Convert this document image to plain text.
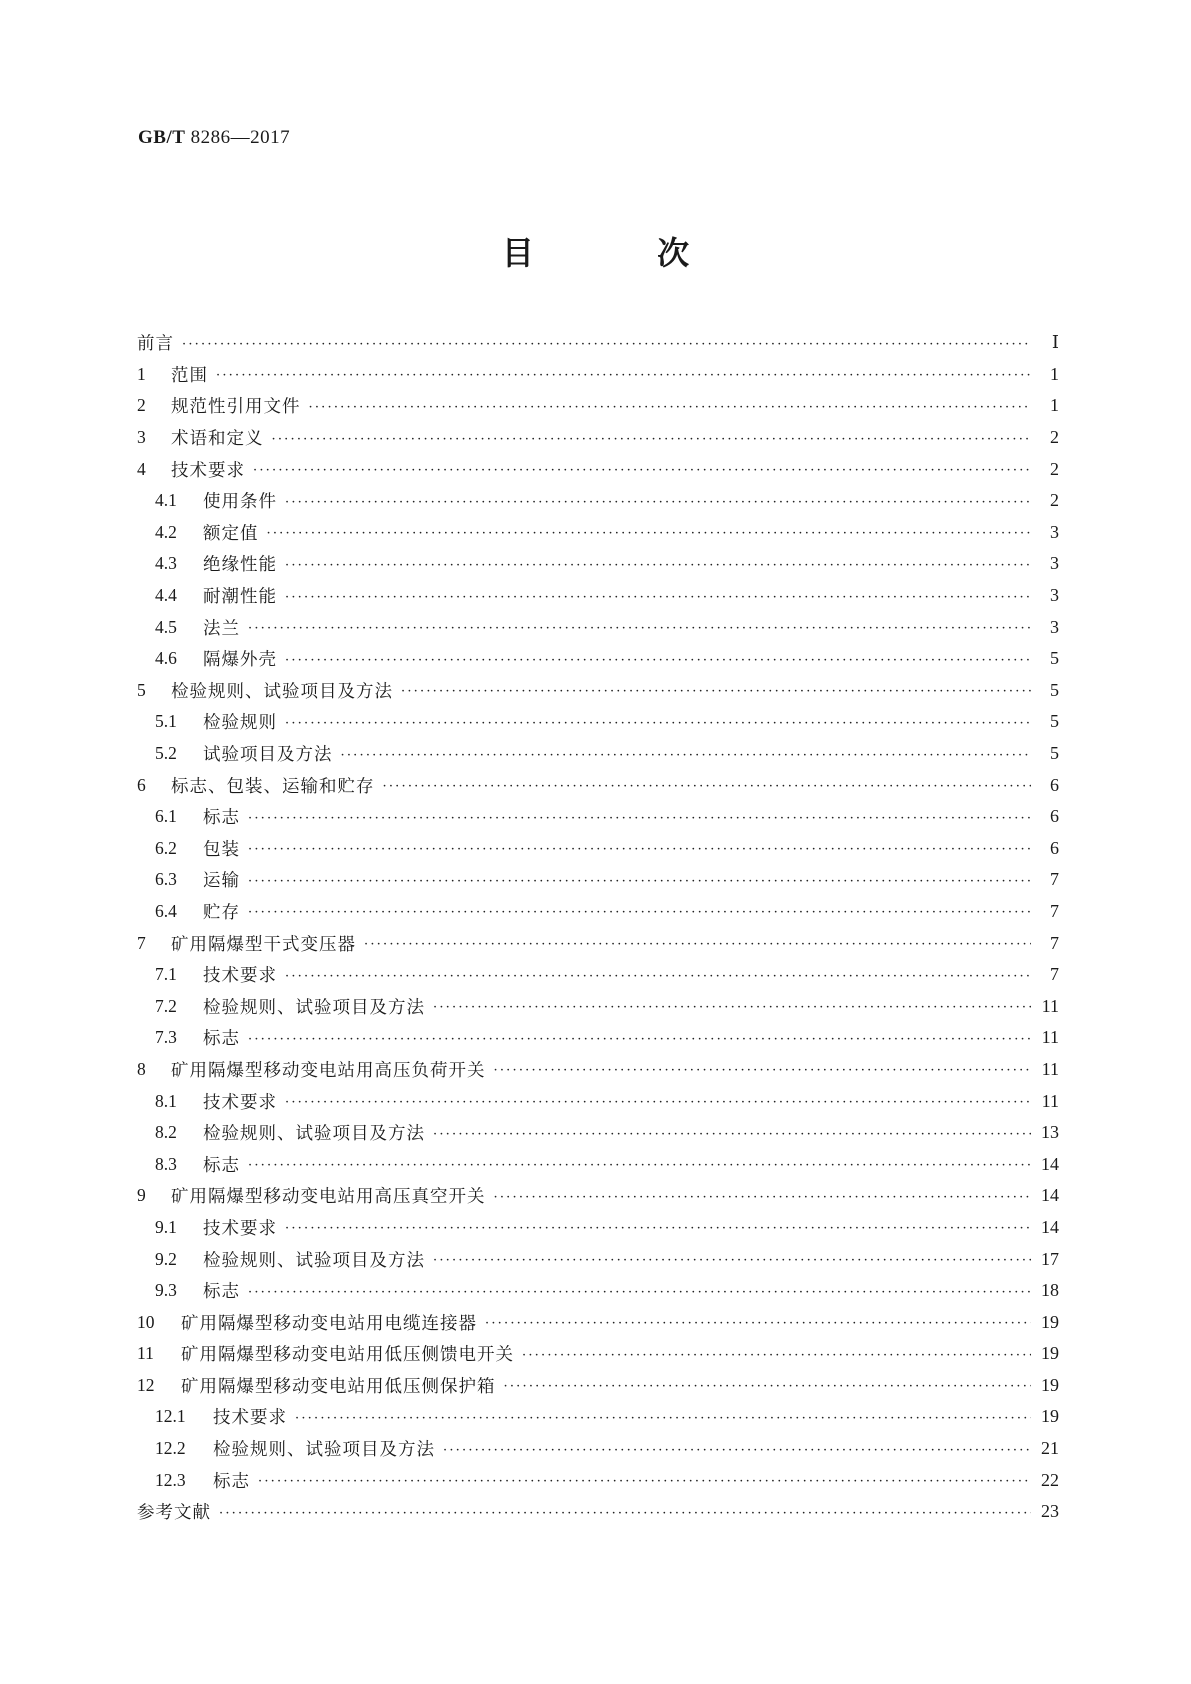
GB/T 8286—2017
目 次
前言 ·····	Ⅰ
1	范围 ·····	1
2	规范性引用文件 ·····	1
3	术语和定义 ·····	2
4	技术要求 ·····	2
4.1	使用条件 ·····	2
4.2	额定值 ·····	3
4.3	绝缘性能 ·····	3
4.4	耐潮性能 ·····	3
4.5	法兰 ·····	3
4.6	隔爆外壳 ·····	5
5	检验规则、试验项目及方法 ·····	5
5.1	检验规则 ·····	5
5.2	试验项目及方法 ·····	5
6	标志、包装、运输和贮存 ·····	6
6.1	标志 ·····	6
6.2	包装 ·····	6
6.3	运输 ·····	7
6.4	贮存 ·····	7
7	矿用隔爆型干式变压器 ·····	7
7.1	技术要求 ·····	7
7.2	检验规则、试验项目及方法 ·····	11
7.3	标志 ·····	11
8	矿用隔爆型移动变电站用高压负荷开关 ·····	11
8.1	技术要求 ·····	11
8.2	检验规则、试验项目及方法 ·····	13
8.3	标志 ·····	14
9	矿用隔爆型移动变电站用高压真空开关 ·····	14
9.1	技术要求 ·····	14
9.2	检验规则、试验项目及方法 ·····	17
9.3	标志 ·····	18
10	矿用隔爆型移动变电站用电缆连接器 ·····	19
11	矿用隔爆型移动变电站用低压侧馈电开关 ·····	19
12	矿用隔爆型移动变电站用低压侧保护箱 ·····	19
12.1	技术要求 ·····	19
12.2	检验规则、试验项目及方法 ·····	21
12.3	标志 ·····	22
参考文献 ·····	23
